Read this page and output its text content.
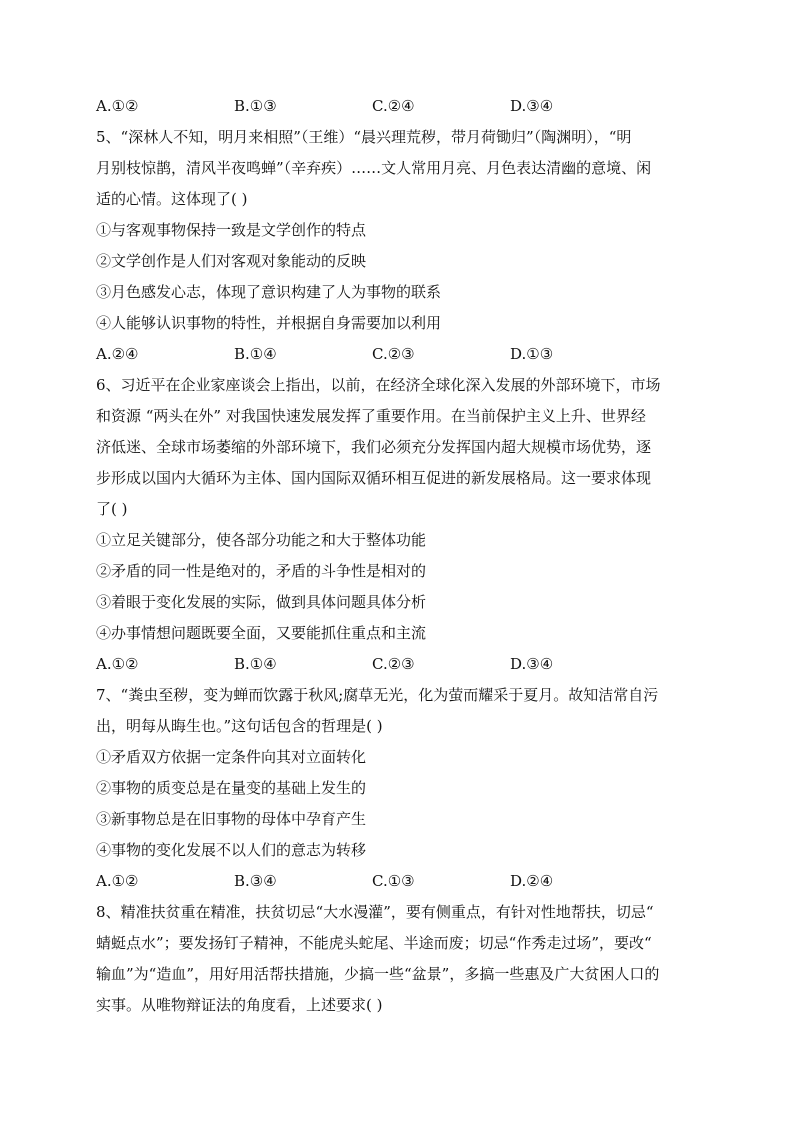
A.①②	B.①③	C.②④	D.③④
5、“深林人不知，明月来相照”（王维）“晨兴理荒秽，带月荷锄归”（陶渊明），“明
月别枝惊鹊，清风半夜鸣蝉”（辛弃疾）……文人常用月亮、月色表达清幽的意境、闲
适的心情。这体现了( )
①与客观事物保持一致是文学创作的特点
②文学创作是人们对客观对象能动的反映
③月色感发心志，体现了意识构建了人为事物的联系
④人能够认识事物的特性，并根据自身需要加以利用
A.②④	B.①④	C.②③	D.①③
6、习近平在企业家座谈会上指出，以前，在经济全球化深入发展的外部环境下，市场
和资源 “两头在外” 对我国快速发展发挥了重要作用。在当前保护主义上升、世界经
济低迷、全球市场萎缩的外部环境下，我们必须充分发挥国内超大规模市场优势，逐
步形成以国内大循环为主体、国内国际双循环相互促进的新发展格局。这一要求体现
了( )
①立足关键部分，使各部分功能之和大于整体功能
②矛盾的同一性是绝对的，矛盾的斗争性是相对的
③着眼于变化发展的实际，做到具体问题具体分析
④办事情想问题既要全面，又要能抓住重点和主流
A.①②	B.①④	C.②③	D.③④
7、“粪虫至秽，变为蝉而饮露于秋风;腐草无光，化为萤而耀采于夏月。故知洁常自污
出，明每从晦生也。”这句话包含的哲理是( )
①矛盾双方依据一定条件向其对立面转化
②事物的质变总是在量变的基础上发生的
③新事物总是在旧事物的母体中孕育产生
④事物的变化发展不以人们的意志为转移
A.①②	B.③④	C.①③	D.②④
8、精准扶贫重在精准，扶贫切忌“大水漫灌”，要有侧重点，有针对性地帮扶，切忌“
蜻蜓点水”；要发扬钉子精神，不能虎头蛇尾、半途而废；切忌“作秀走过场”，要改“
输血”为“造血”，用好用活帮扶措施，少搞一些“盆景”，多搞一些惠及广大贫困人口的
实事。从唯物辩证法的角度看，上述要求( )
